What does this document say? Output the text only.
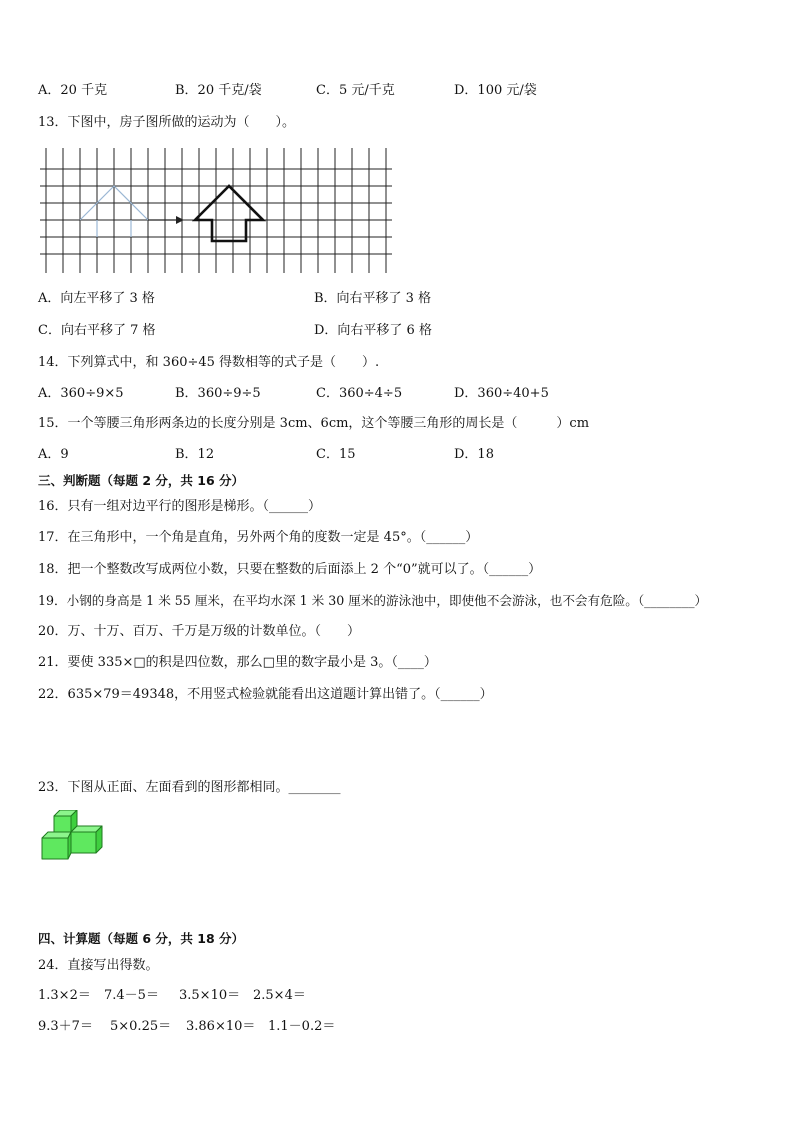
A．20 千克	B．20 千克/袋	C．5 元/千克	D．100 元/袋
13．下图中，房子图所做的运动为（　　）。
A．向左平移了 3 格	B．向右平移了 3 格
C．向右平移了 7 格	D．向右平移了 6 格
14．下列算式中，和 360÷45 得数相等的式子是（　　）.
A．360÷9×5	B．360÷9÷5	C．360÷4÷5	D．360÷40+5
15．一个等腰三角形两条边的长度分别是 3cm、6cm，这个等腰三角形的周长是（　　　）cm
A．9	B．12	C．15	D．18
三、判断题（每题 2 分，共 16 分）
16．只有一组对边平行的图形是梯形。（______）
17．在三角形中，一个角是直角，另外两个角的度数一定是 45°。（______）
18．把一个整数改写成两位小数，只要在整数的后面添上 2 个“0”就可以了。（______）
19．小钢的身高是 1 米 55 厘米，在平均水深 1 米 30 厘米的游泳池中，即使他不会游泳，也不会有危险。（________）
20．万、十万、百万、千万是万级的计数单位。（　　）
21．要使 335×□的积是四位数，那么□里的数字最小是 3。（____）
22．635×79＝49348，不用竖式检验就能看出这道题计算出错了。（______）
23．下图从正面、左面看到的图形都相同。________
四、计算题（每题 6 分，共 18 分）
24．直接写出得数。
1.3×2＝ 7.4－5＝ 3.5×10＝ 2.5×4＝
9.3＋7＝ 5×0.25＝ 3.86×10＝ 1.1－0.2＝
